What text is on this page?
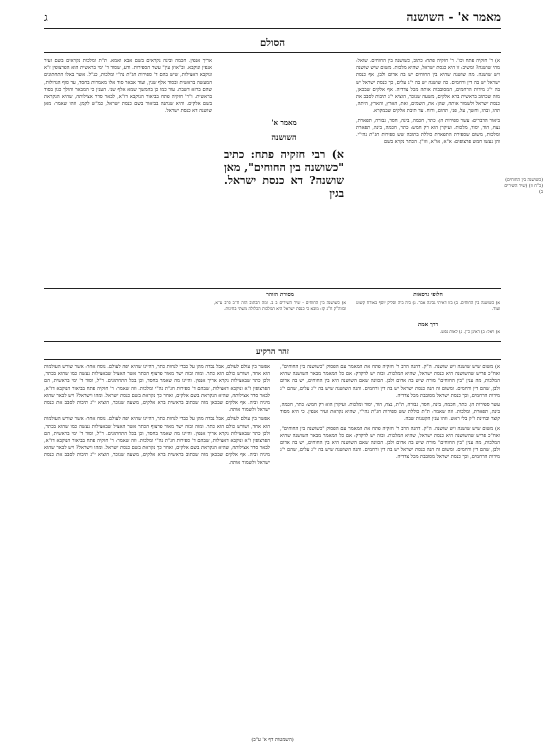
מאמר א' - השושנה
ג
הסולם

א) ר' חזקיה פתח וכו'. ר' חזקיה פתח: כתוב, כשושנה בין החוחים. שואל: מהי שושנה? ומשיב: זו היא כנסת ישראל, שהיא מלכות. משום שיש שושנה ויש שושנה. מה שושנה שהיא בין החוחים יש בה אדום ולבן, אף כנסת ישראל יש בה דין ורחמים. כה שושנה יש בה י"ג עלים, כך כנסת ישראל יש בה י"ג מידות הרחמים, המסובבות אותה מכל צדדיה. אף אלקים שבכאן, מזה שכתוב בראשית ברא אלקים, משעה שנזכר, הוציא י"ג תיבות לסבב את כנסת ישראל ולשמור אותה, שהן: את, השמים, ואת, הארץ, והארץ, היתה, תהו, ובהו, וחשך, על, פני, תהום, ורוח. עד תיבת אלקים שבמקרא.

ביאור הדברים: עשר ספירות הן: כתר, חכמה, בינה, חסד, גבורה, תפארת, נצח, הוד, יסוד, מלכות. ועיקרן הוא רק חמש: כתר, חכמה, בינה, תפארת ומלכות, משום שספירת התפארת כוללת בתוכה שש ספירות חג"ת נהי"י. והן נעשו חמש פרצופים: א"א, או"א, וזו"ן. הכתר נקרא בשם

מאמר א'
השושנה
א) רבי חזקיה פתח: כתיב "כשושנה בין החוחים", מאן שושנה? דא כנסת ישראל. בגין

אריך אנפין. חכמה ובינה נקראים בשם אבא ואמא. ת"ת ומלכות נקראים בשם זעיר אנפין ונוקבא. וב"אוזן עין" עשר הספירות. ודע, שסוד ד' ימי בראשית הוא הפרצופין ז"א ונוקבא דאצילות, שיש בהם ד' ספירות חג"ת נה"י ומלכות, כנ"ל. אשר באלו התחתונים המעשה בראשית ובסוד אלף שנין, ועוד אבאר סוד אלו מאמרות בחסד, עד סוף הגדולות, שהם ברזא דשבת. עוד כמו כן בהמשך שמא אלף שני. הענין כי המבאר והולך כגון בסוד בראשית. ו"ר' חזקיה פתח בביאור הנוקבא דז"א, לבאר סדר אצילותה, שהיא הנקראת בשם אלקים. והיא שנתנה בביאור בשם כנסת ישראל, כמ"ש לקמן. וזהו שאמר: מאן שושנה דא כנסת ישראל.

(כשושנה בין החוחים) (כ"ח וז) (שיר השירים ב)
חלופי גרסאות
א) כשושנה בין החוחים. ב) בזו דאיתי גבינה אבר. ג) ביה ביה וסליק יוסף באורח קשוט ועוד.
מסורת הזוהר
א) כשושנה בין החוחים - שיר השירים ב ב. ומה הכתוב הזה ח"ב פ"ב ע"א, ובזוה"ק ח"ג קז: מובא כי כנסת ישראל היא המלכות הכלולה משתי בחינות.
דרך אמת
א) ויאל: ב) דאינן כ"ן. ג) לאות נפש.
זהר הרקיע

א) משום שיש שושנה ויש שושנה. ה"ק. דהנה הרב ר' חזקיה פתח את המאמר עם הפסוק "כשושנה בין החוחים", ואח"כ פריש שהשושנה היא כנסת ישראל, שהיא המלכות. ובזה יש לדקדק: אם כל המאמר מבאר השושנה שהיא המלכות, מה ענין "בין החוחים" מורה שיש בה אדום ולבן. הכוונה שאם השושנה היא בין החוחים, יש בה אדום ולבן, שהם דין ורחמים. ומשום זה הנה כנסת ישראל יש בה דין ורחמים. והנה השושנה שיש בה י"ג עלים, שהם י"ג מידות הרחמים, וכך כנסת ישראל מסובבת מכל צדדיה.

עשר ספירות הן. כתר, חכמה, בינה, חסד, גבורה, ת"ת, נצח, הוד, יסוד ומלכות. ועיקרן הוא רק חמש: כתר, חכמה, בינה, תפארת, ומלכות. וזה שאמר: ת"ת כוללת שש ספירות חג"ת נהי"י, שהיא נקראת זעיר אנפין. כי היא מסוד קוצר ובחינת ו"ק בלי ראש. וזהו ענין הקטנות שבה.

א) משום שיש שושנה ויש שושנה. ה"ק. דהנה הרב ר' חזקיה פתח את המאמר עם הפסוק "כשושנה בין החוחים", ואח"כ פריש שהשושנה היא כנסת ישראל, שהיא המלכות. ובזה יש לדקדק: אם כל המאמר מבאר השושנה שהיא המלכות, מה ענין "בין החוחים" מורה שיש בה אדום ולבן. הכוונה שאם השושנה היא בין החוחים, יש בה אדום ולבן, שהם דין ורחמים. ומשום זה הנה כנסת ישראל יש בה דין ורחמים. והנה השושנה שיש בה י"ג עלים, שהם י"ג מידות הרחמים, וכך כנסת ישראל מסובבת מכל צדדיה.

אפשר בין עולם לעולם, אבל נבדה מהן על כבדי לנחות כתר, דהיינו שהיא יפה לעולם. נוסח אחר: אשר שורש העולמות הוא אחד, ושורש כולם הוא כתר. ומזה ובזה ישר מאור פרצוף הכתר אשר האציל שבאצילות נעשה כמו שהוא בכתר, ולכן כתר שבאצילות נקרא אריך אנפין. והיינו מה שאמר בחסד, וכן בכל התחתונים. ר"ל, וסוד ד' ימי בראשית, הם הפרצופין ז"א ונוקבא דאצילות, שבהם ד' ספירות חג"ת נה"י ומלכות. וזה שאמר: ר' חזקיה פתח בביאור הנוקבא דז"א, לבאר סדר אצילותה, שהיא הנקראת בשם אלקים, ואחר כך נקראת בשם כנסת ישראל. ומהו וישראל? ויש לבאר שהוא מיניה וביה. אף אלקים שבכאן מזה שכתוב בראשית ברא אלקים, משעה שנזכר, הוציא י"ג תיבות לסבב את כנסת ישראל ולשמור אותה.

אפשר בין עולם לעולם, אבל נבדה מהן על כבדי לנחות כתר, דהיינו שהיא יפה לעולם. נוסח אחר: אשר שורש העולמות הוא אחד, ושורש כולם הוא כתר. ומזה ובזה ישר מאור פרצוף הכתר אשר האציל שבאצילות נעשה כמו שהוא בכתר, ולכן כתר שבאצילות נקרא אריך אנפין. והיינו מה שאמר בחסד, וכן בכל התחתונים. ר"ל, וסוד ד' ימי בראשית, הם הפרצופין ז"א ונוקבא דאצילות, שבהם ד' ספירות חג"ת נה"י ומלכות. וזה שאמר: ר' חזקיה פתח בביאור הנוקבא דז"א, לבאר סדר אצילותה, שהיא הנקראת בשם אלקים, ואחר כך נקראת בשם כנסת ישראל. ומהו וישראל? ויש לבאר שהוא מיניה וביה. אף אלקים שבכאן מזה שכתוב בראשית ברא אלקים, משעה שנזכר, הוציא י"ג תיבות לסבב את כנסת ישראל ולשמור אותה.

(השמטות דף א' ע"ב)
